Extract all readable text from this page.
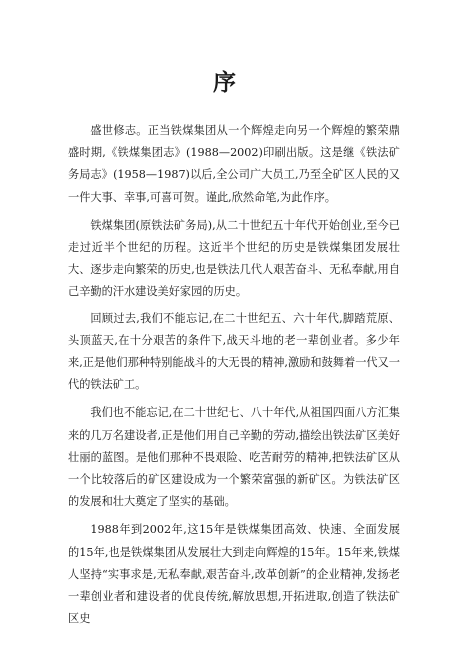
序

盛世修志。正当铁煤集团从一个辉煌走向另一个辉煌的繁荣鼎盛时期,《铁煤集团志》(1988—2002)印刷出版。这是继《铁法矿务局志》(1958—1987)以后,全公司广大员工,乃至全矿区人民的又一件大事、幸事,可喜可贺。谨此,欣然命笔,为此作序。

铁煤集团(原铁法矿务局),从二十世纪五十年代开始创业,至今已走过近半个世纪的历程。这近半个世纪的历史是铁煤集团发展壮大、逐步走向繁荣的历史,也是铁法几代人艰苦奋斗、无私奉献,用自己辛勤的汗水建设美好家园的历史。

回顾过去,我们不能忘记,在二十世纪五、六十年代,脚踏荒原、头顶蓝天,在十分艰苦的条件下,战天斗地的老一辈创业者。多少年来,正是他们那种特别能战斗的大无畏的精神,激励和鼓舞着一代又一代的铁法矿工。

我们也不能忘记,在二十世纪七、八十年代,从祖国四面八方汇集来的几万名建设者,正是他们用自己辛勤的劳动,描绘出铁法矿区美好壮丽的蓝图。是他们那种不畏艰险、吃苦耐劳的精神,把铁法矿区从一个比较落后的矿区建设成为一个繁荣富强的新矿区。为铁法矿区的发展和壮大奠定了坚实的基础。

1988年到2002年,这15年是铁煤集团高效、快速、全面发展的15年,也是铁煤集团从发展壮大到走向辉煌的15年。15年来,铁煤人坚持“实事求是,无私奉献,艰苦奋斗,改革创新”的企业精神,发扬老一辈创业者和建设者的优良传统,解放思想,开拓进取,创造了铁法矿区史
